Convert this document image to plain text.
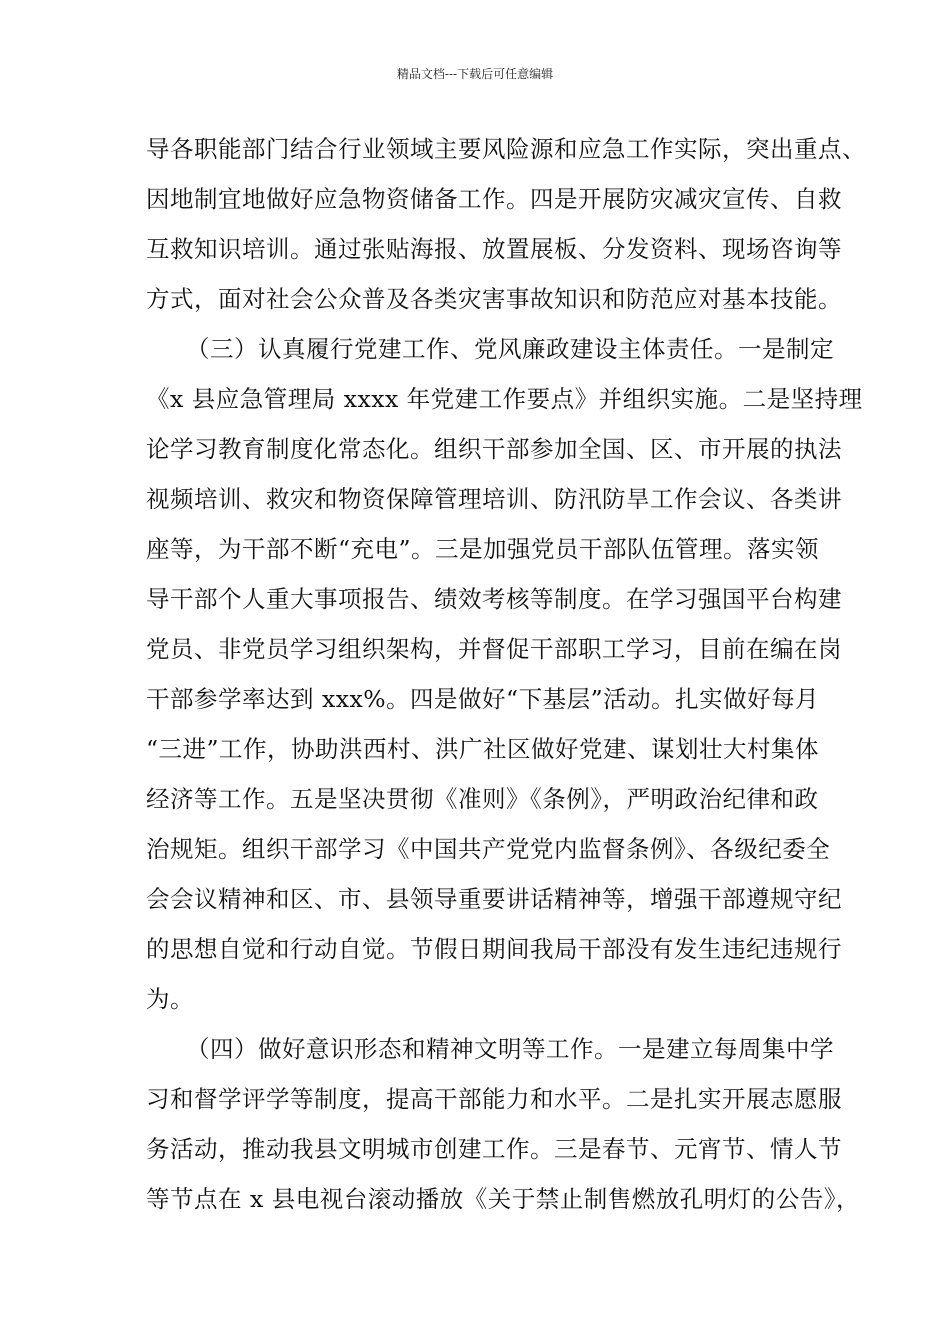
精品文档---下载后可任意编辑
导各职能部门结合行业领域主要风险源和应急工作实际，突出重点、
因地制宜地做好应急物资储备工作。四是开展防灾减灾宣传、自救
互救知识培训。通过张贴海报、放置展板、分发资料、现场咨询等
方式，面对社会公众普及各类灾害事故知识和防范应对基本技能。
（三）认真履行党建工作、党风廉政建设主体责任。一是制定
《x 县应急管理局 xxxx 年党建工作要点》并组织实施。二是坚持理
论学习教育制度化常态化。组织干部参加全国、区、市开展的执法
视频培训、救灾和物资保障管理培训、防汛防旱工作会议、各类讲
座等，为干部不断“充电”。三是加强党员干部队伍管理。落实领
导干部个人重大事项报告、绩效考核等制度。在学习强国平台构建
党员、非党员学习组织架构，并督促干部职工学习，目前在编在岗
干部参学率达到 xxx%。四是做好“下基层”活动。扎实做好每月
“三进”工作，协助洪西村、洪广社区做好党建、谋划壮大村集体
经济等工作。五是坚决贯彻《准则》《条例》，严明政治纪律和政
治规矩。组织干部学习《中国共产党党内监督条例》、各级纪委全
会会议精神和区、市、县领导重要讲话精神等，增强干部遵规守纪
的思想自觉和行动自觉。节假日期间我局干部没有发生违纪违规行
为。
（四）做好意识形态和精神文明等工作。一是建立每周集中学
习和督学评学等制度，提高干部能力和水平。二是扎实开展志愿服
务活动，推动我县文明城市创建工作。三是春节、元宵节、情人节
等节点在 x 县电视台滚动播放《关于禁止制售燃放孔明灯的公告》，
